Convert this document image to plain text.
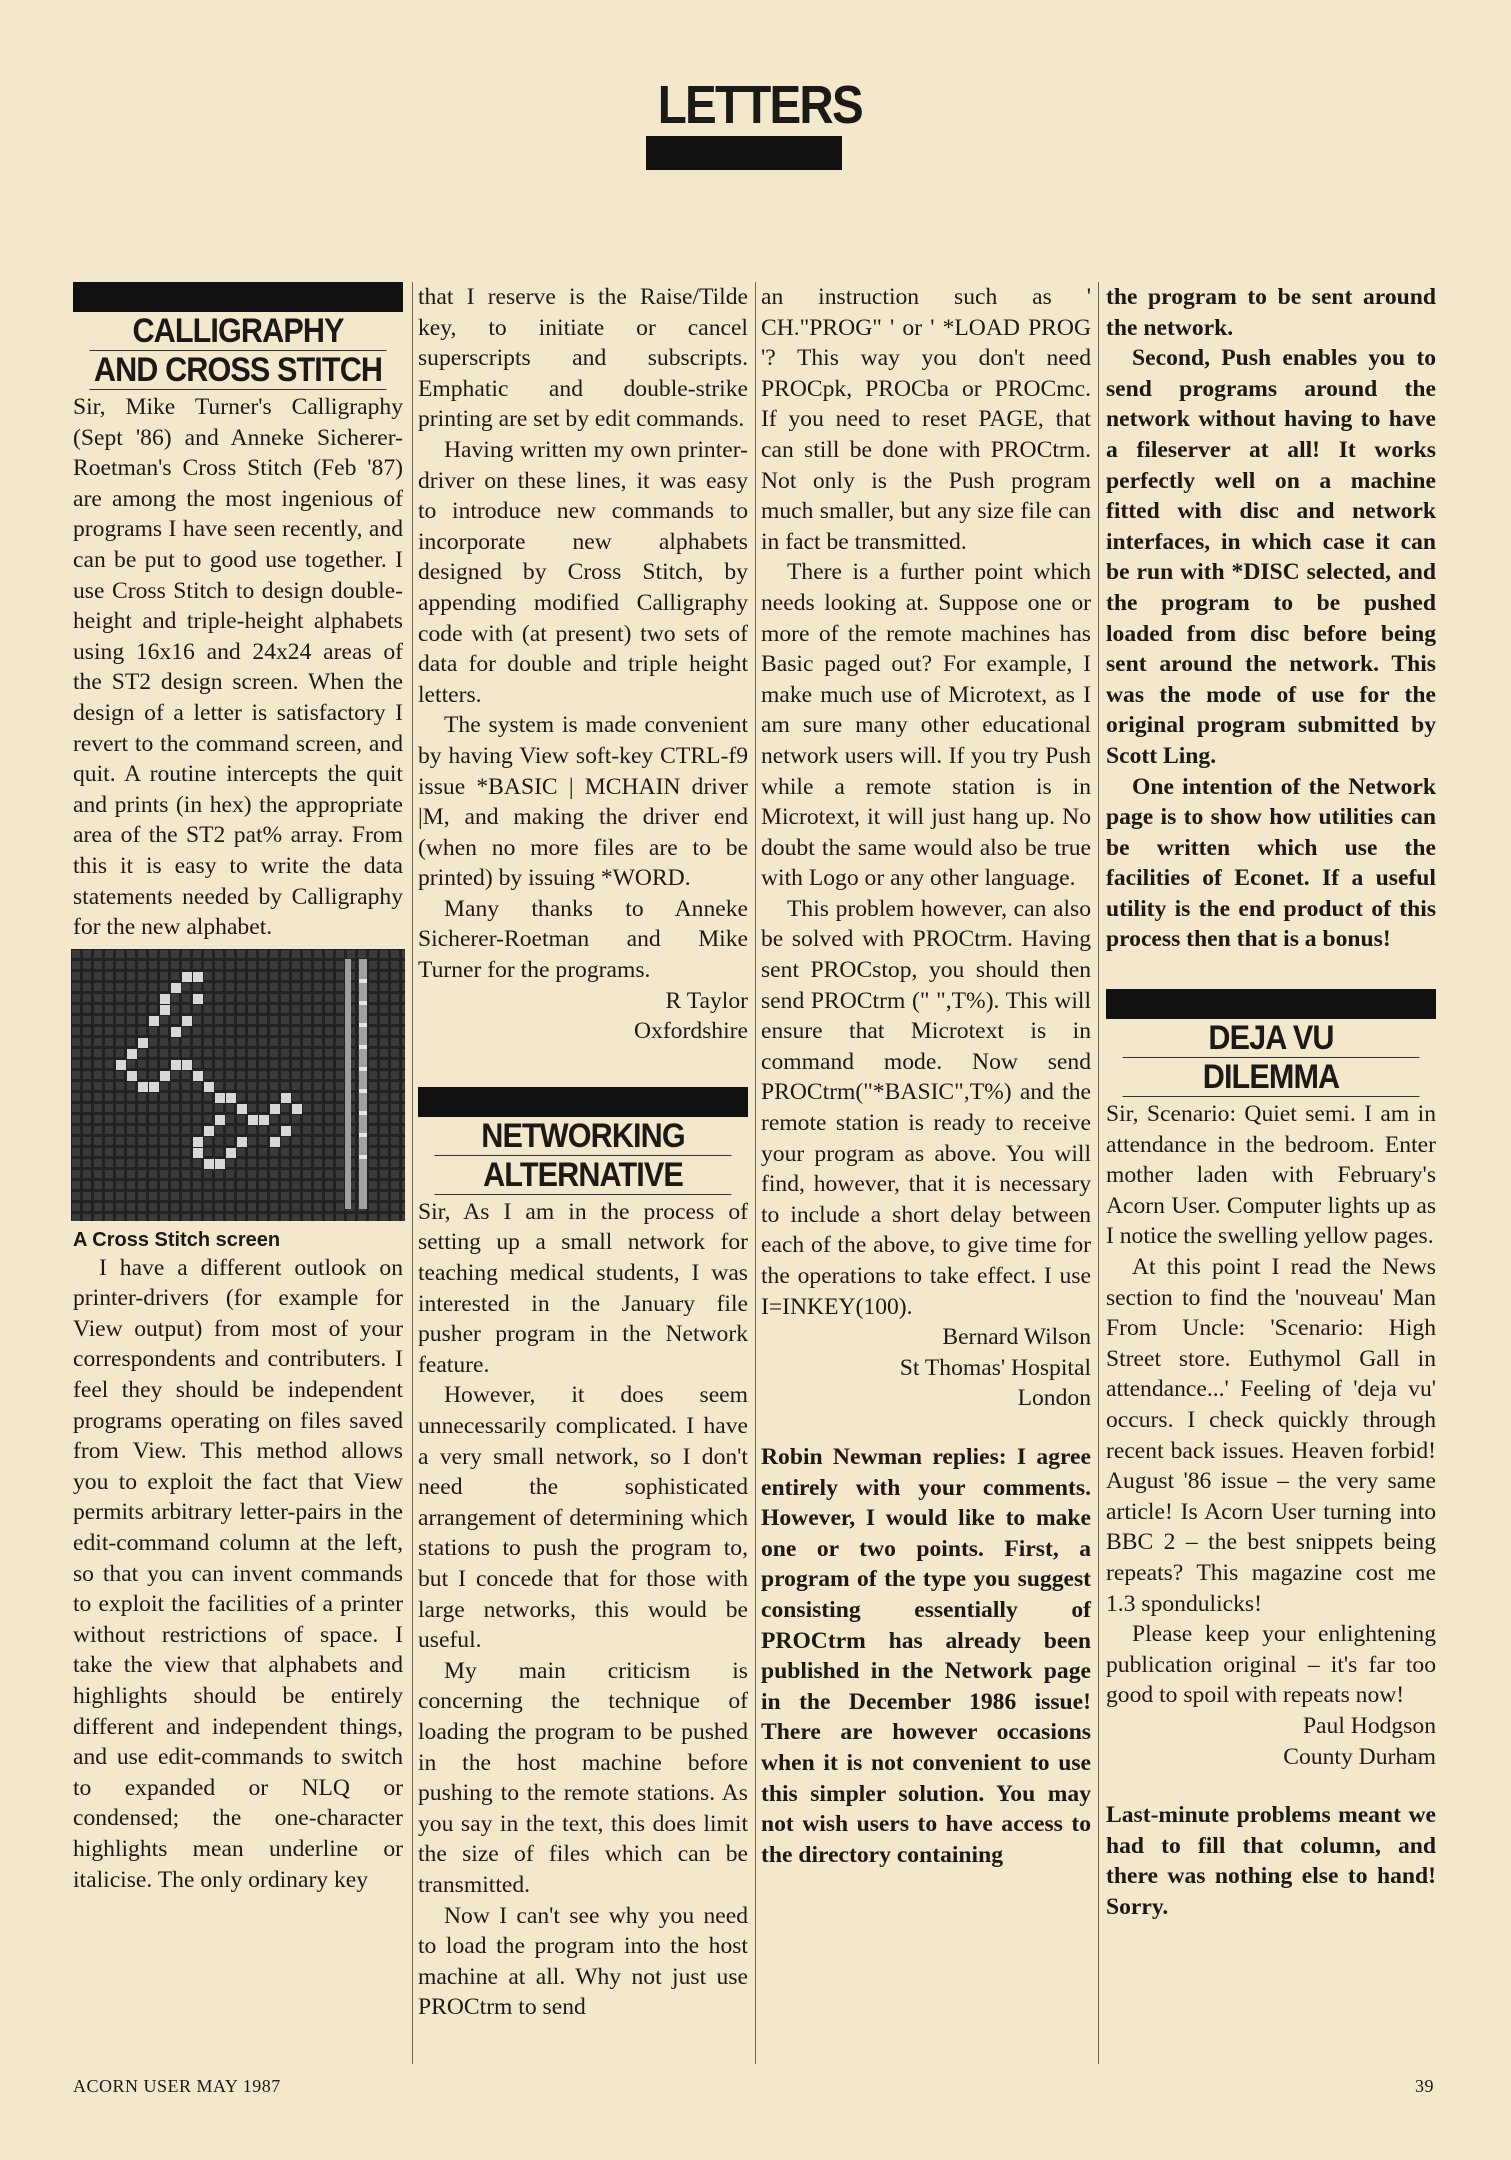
LETTERS
CALLIGRAPHY
AND CROSS STITCH

Sir, Mike Turner's Calligraphy (Sept '86) and Anneke Sicherer-Roetman's Cross Stitch (Feb '87) are among the most ingenious of programs I have seen recently, and can be put to good use together. I use Cross Stitch to design double-height and triple-height alphabets using 16x16 and 24x24 areas of the ST2 design screen. When the design of a letter is satisfactory I revert to the command screen, and quit. A routine intercepts the quit and prints (in hex) the appropriate area of the ST2 pat% array. From this it is easy to write the data statements needed by Calligraphy for the new alphabet.

A Cross Stitch screen

I have a different outlook on printer-drivers (for example for View output) from most of your correspondents and contributers. I feel they should be independent programs operating on files saved from View. This method allows you to exploit the fact that View permits arbitrary letter-pairs in the edit-command column at the left, so that you can invent commands to exploit the facilities of a printer without restrictions of space. I take the view that alphabets and highlights should be entirely different and independent things, and use edit-commands to switch to expanded or NLQ or condensed; the one-character highlights mean underline or italicise. The only ordinary key

that I reserve is the Raise/Tilde key, to initiate or cancel superscripts and subscripts. Emphatic and double-strike printing are set by edit commands.

Having written my own printer-driver on these lines, it was easy to introduce new commands to incorporate new alphabets designed by Cross Stitch, by appending modified Calligraphy code with (at present) two sets of data for double and triple height letters.

The system is made convenient by having View soft-key CTRL-f9 issue *BASIC | MCHAIN driver |M, and making the driver end (when no more files are to be printed) by issuing *WORD.

Many thanks to Anneke Sicherer-Roetman and Mike Turner for the programs.

R Taylor

Oxfordshire

NETWORKING
ALTERNATIVE

Sir, As I am in the process of setting up a small network for teaching medical students, I was interested in the January file pusher program in the Network feature.

However, it does seem unnecessarily complicated. I have a very small network, so I don't need the sophisticated arrangement of determining which stations to push the program to, but I concede that for those with large networks, this would be useful.

My main criticism is concerning the technique of loading the program to be pushed in the host machine before pushing to the remote stations. As you say in the text, this does limit the size of files which can be transmitted.

Now I can't see why you need to load the program into the host machine at all. Why not just use PROCtrm to send

an instruction such as ' CH."PROG" ' or ' *LOAD PROG '? This way you don't need PROCpk, PROCba or PROCmc. If you need to reset PAGE, that can still be done with PROCtrm. Not only is the Push program much smaller, but any size file can in fact be transmitted.

There is a further point which needs looking at. Suppose one or more of the remote machines has Basic paged out? For example, I make much use of Microtext, as I am sure many other educational network users will. If you try Push while a remote station is in Microtext, it will just hang up. No doubt the same would also be true with Logo or any other language.

This problem however, can also be solved with PROCtrm. Having sent PROCstop, you should then send PROCtrm (" ",T%). This will ensure that Microtext is in command mode. Now send PROCtrm("*BASIC",T%) and the remote station is ready to receive your program as above. You will find, however, that it is necessary to include a short delay between each of the above, to give time for the operations to take effect. I use I=INKEY(100).

Bernard Wilson

St Thomas' Hospital

London

Robin Newman replies: I agree entirely with your comments. However, I would like to make one or two points. First, a program of the type you suggest consisting essentially of PROCtrm has already been published in the Network page in the December 1986 issue! There are however occasions when it is not convenient to use this simpler solution. You may not wish users to have access to the directory containing

the program to be sent around the network.

Second, Push enables you to send programs around the network without having to have a fileserver at all! It works perfectly well on a machine fitted with disc and network interfaces, in which case it can be run with *DISC selected, and the program to be pushed loaded from disc before being sent around the network. This was the mode of use for the original program submitted by Scott Ling.

One intention of the Network page is to show how utilities can be written which use the facilities of Econet. If a useful utility is the end product of this process then that is a bonus!

DEJA VU
DILEMMA

Sir, Scenario: Quiet semi. I am in attendance in the bedroom. Enter mother laden with February's Acorn User. Computer lights up as I notice the swelling yellow pages.

At this point I read the News section to find the 'nouveau' Man From Uncle: 'Scenario: High Street store. Euthymol Gall in attendance...' Feeling of 'deja vu' occurs. I check quickly through recent back issues. Heaven forbid! August '86 issue – the very same article! Is Acorn User turning into BBC 2 – the best snippets being repeats? This magazine cost me 1.3 spondulicks!

Please keep your enlightening publication original – it's far too good to spoil with repeats now!

Paul Hodgson

County Durham

Last-minute problems meant we had to fill that column, and there was nothing else to hand! Sorry.

ACORN USER MAY 1987	39
